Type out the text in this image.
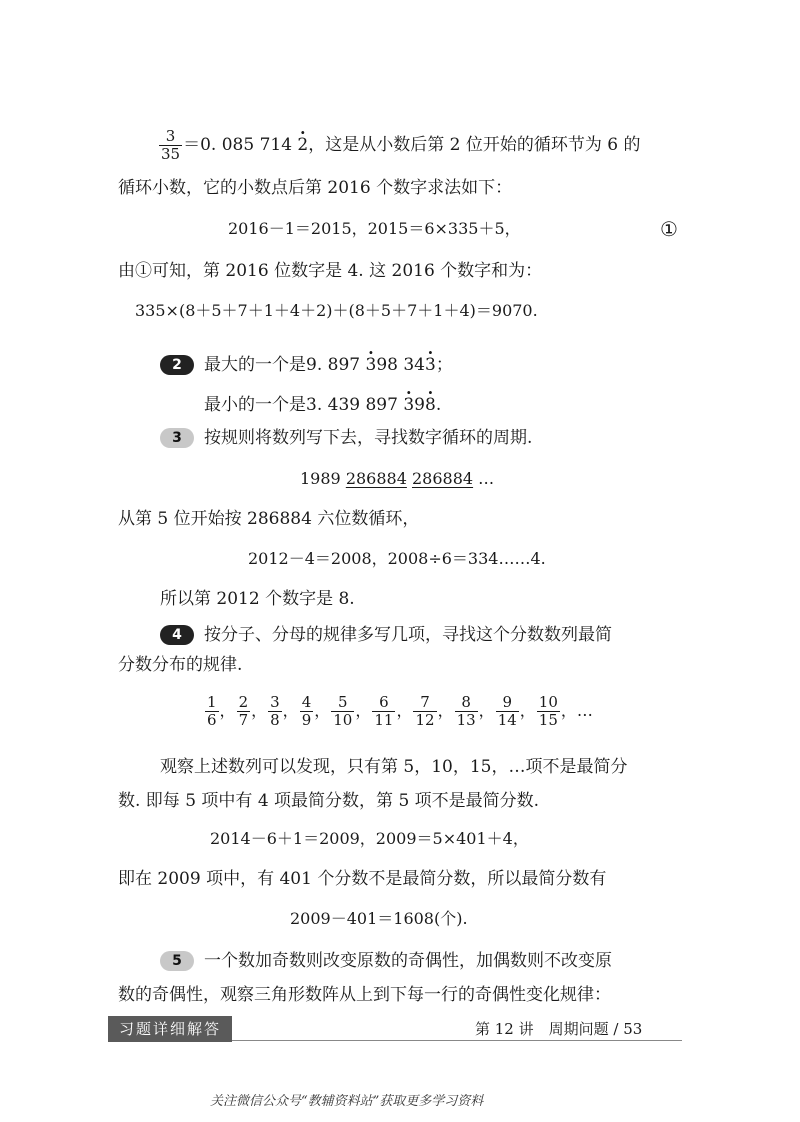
$\frac{3}{35} =0$. 085 714 · 2，这是从小数后第 2 位开始的循环节为 6 的
循环小数，它的小数点后第 2016 个数字求法如下：
2016－1＝2015，2015＝6×335＋5，	①
由①可知，第 2016 位数字是 4. 这 2016 个数字和为：
335×(8＋5＋7＋1＋4＋2)＋(8＋5＋7＋1＋4)＝9070.
2	最大的一个是9. 897 · 398 34· 3；
最小的一个是3. 439 897 · 39· 8.
3	按规则将数列写下去，寻找数字循环的周期.
1989 286884 286884 …
从第 5 位开始按 286884 六位数循环，
2012－4＝2008，2008÷6＝334……4.
所以第 2012 个数字是 8.
4	按分子、分母的规律多写几项，寻找这个分数数列最简
分数分布的规律.
$\frac{1}{6}$ ， $\frac{2}{7}$ ， $\frac{3}{8}$ ， $\frac{4}{9}$ ， $\frac{5}{10}$ ， $\frac{6}{11}$ ， $\frac{7}{12}$ ， $\frac{8}{13}$ ， $\frac{9}{14}$ ， $\frac{10}{15}$ ，…
观察上述数列可以发现，只有第 5，10，15，…项不是最简分
数. 即每 5 项中有 4 项最简分数，第 5 项不是最简分数.
2014－6＋1＝2009，2009＝5×401＋4，
即在 2009 项中，有 401 个分数不是最简分数，所以最简分数有
2009－401＝1608(个).
5	一个数加奇数则改变原数的奇偶性，加偶数则不改变原
数的奇偶性，观察三角形数阵从上到下每一行的奇偶性变化规律：
习题详细解答	第 12 讲　周期问题 / 53
关注微信公众号“教辅资料站”获取更多学习资料
